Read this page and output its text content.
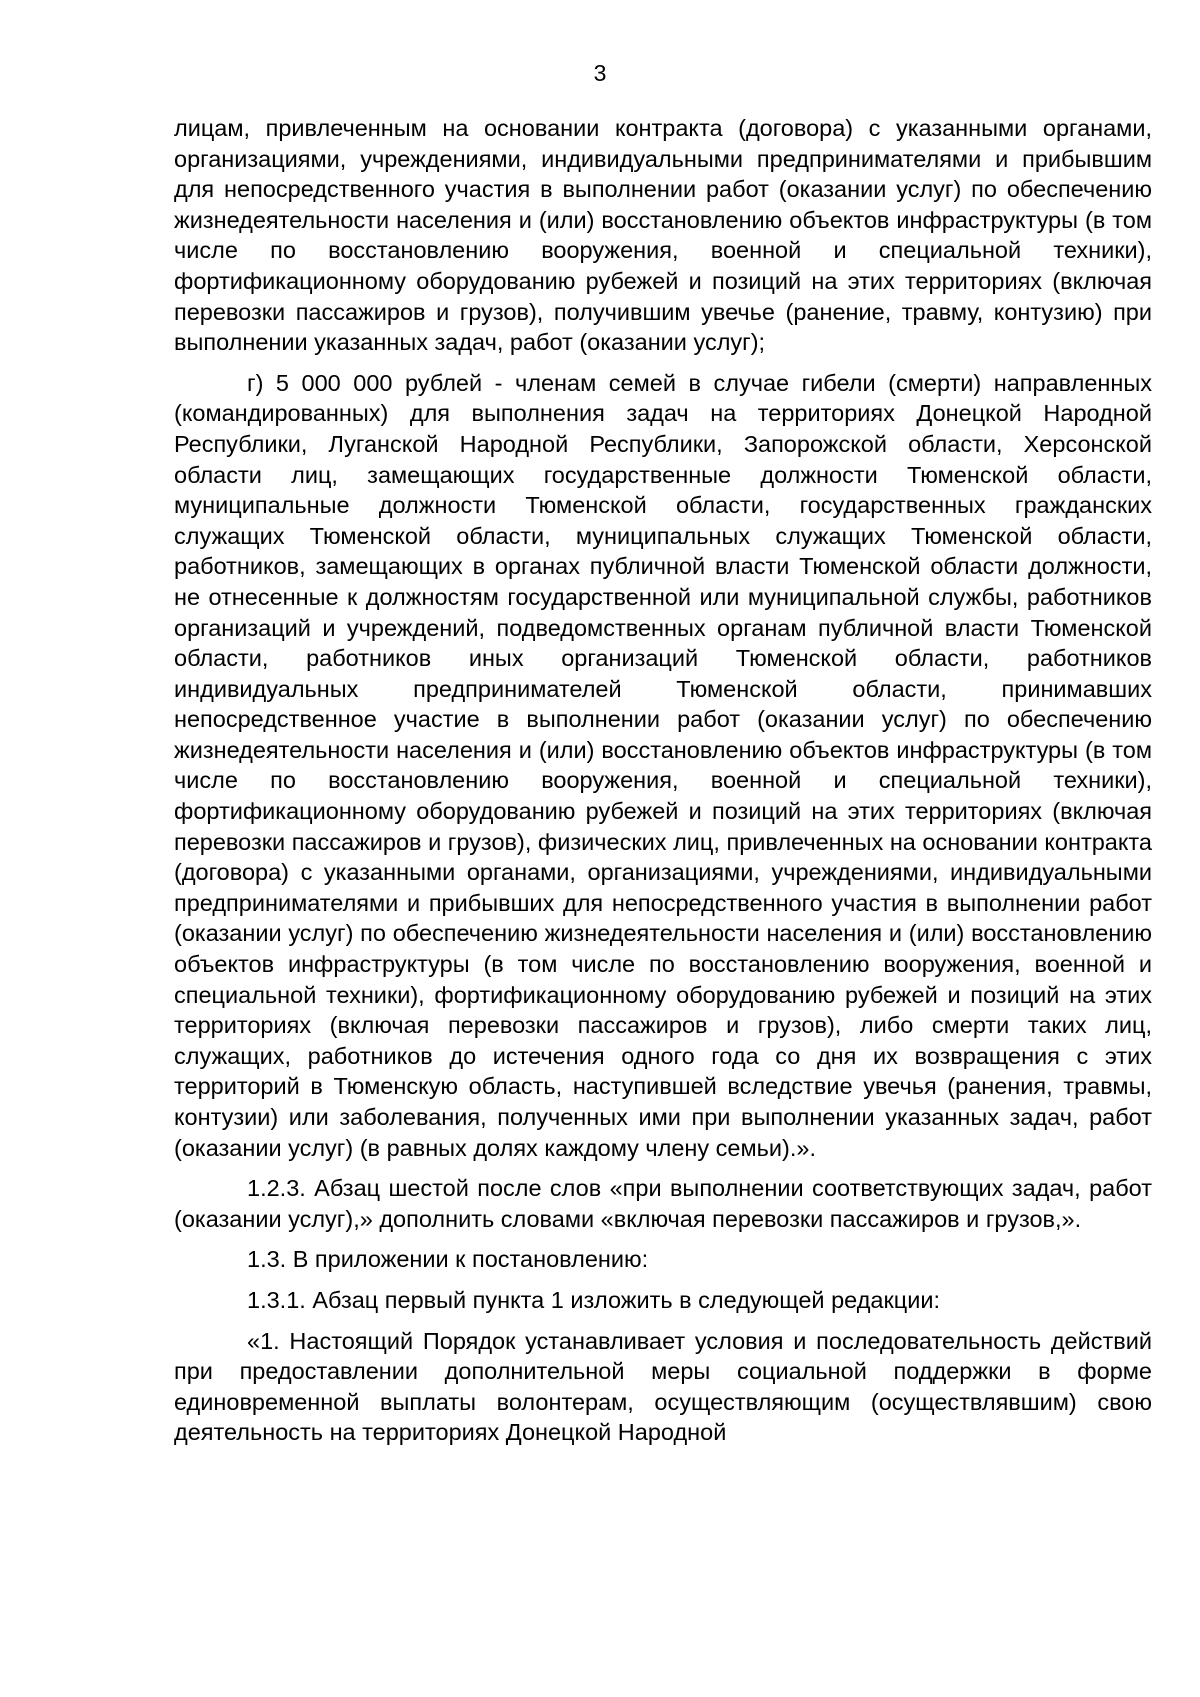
3

лицам, привлеченным на основании контракта (договора) с указанными органами, организациями, учреждениями, индивидуальными предпринимателями и прибывшим для непосредственного участия в выполнении работ (оказании услуг) по обеспечению жизнедеятельности населения и (или) восстановлению объектов инфраструктуры (в том числе по восстановлению вооружения, военной и специальной техники), фортификационному оборудованию рубежей и позиций на этих территориях (включая перевозки пассажиров и грузов), получившим увечье (ранение, травму, контузию) при выполнении указанных задач, работ (оказании услуг);

г) 5 000 000 рублей - членам семей в случае гибели (смерти) направленных (командированных) для выполнения задач на территориях Донецкой Народной Республики, Луганской Народной Республики, Запорожской области, Херсонской области лиц, замещающих государственные должности Тюменской области, муниципальные должности Тюменской области, государственных гражданских служащих Тюменской области, муниципальных служащих Тюменской области, работников, замещающих в органах публичной власти Тюменской области должности, не отнесенные к должностям государственной или муниципальной службы, работников организаций и учреждений, подведомственных органам публичной власти Тюменской области, работников иных организаций Тюменской области, работников индивидуальных предпринимателей Тюменской области, принимавших непосредственное участие в выполнении работ (оказании услуг) по обеспечению жизнедеятельности населения и (или) восстановлению объектов инфраструктуры (в том числе по восстановлению вооружения, военной и специальной техники), фортификационному оборудованию рубежей и позиций на этих территориях (включая перевозки пассажиров и грузов), физических лиц, привлеченных на основании контракта (договора) с указанными органами, организациями, учреждениями, индивидуальными предпринимателями и прибывших для непосредственного участия в выполнении работ (оказании услуг) по обеспечению жизнедеятельности населения и (или) восстановлению объектов инфраструктуры (в том числе по восстановлению вооружения, военной и специальной техники), фортификационному оборудованию рубежей и позиций на этих территориях (включая перевозки пассажиров и грузов), либо смерти таких лиц, служащих, работников до истечения одного года со дня их возвращения с этих территорий в Тюменскую область, наступившей вследствие увечья (ранения, травмы, контузии) или заболевания, полученных ими при выполнении указанных задач, работ (оказании услуг) (в равных долях каждому члену семьи).».

1.2.3. Абзац шестой после слов «при выполнении соответствующих задач, работ (оказании услуг),» дополнить словами «включая перевозки пассажиров и грузов,».

1.3. В приложении к постановлению:

1.3.1. Абзац первый пункта 1 изложить в следующей редакции:

«1. Настоящий Порядок устанавливает условия и последовательность действий при предоставлении дополнительной меры социальной поддержки в форме единовременной выплаты волонтерам, осуществляющим (осуществлявшим) свою деятельность на территориях Донецкой Народной
